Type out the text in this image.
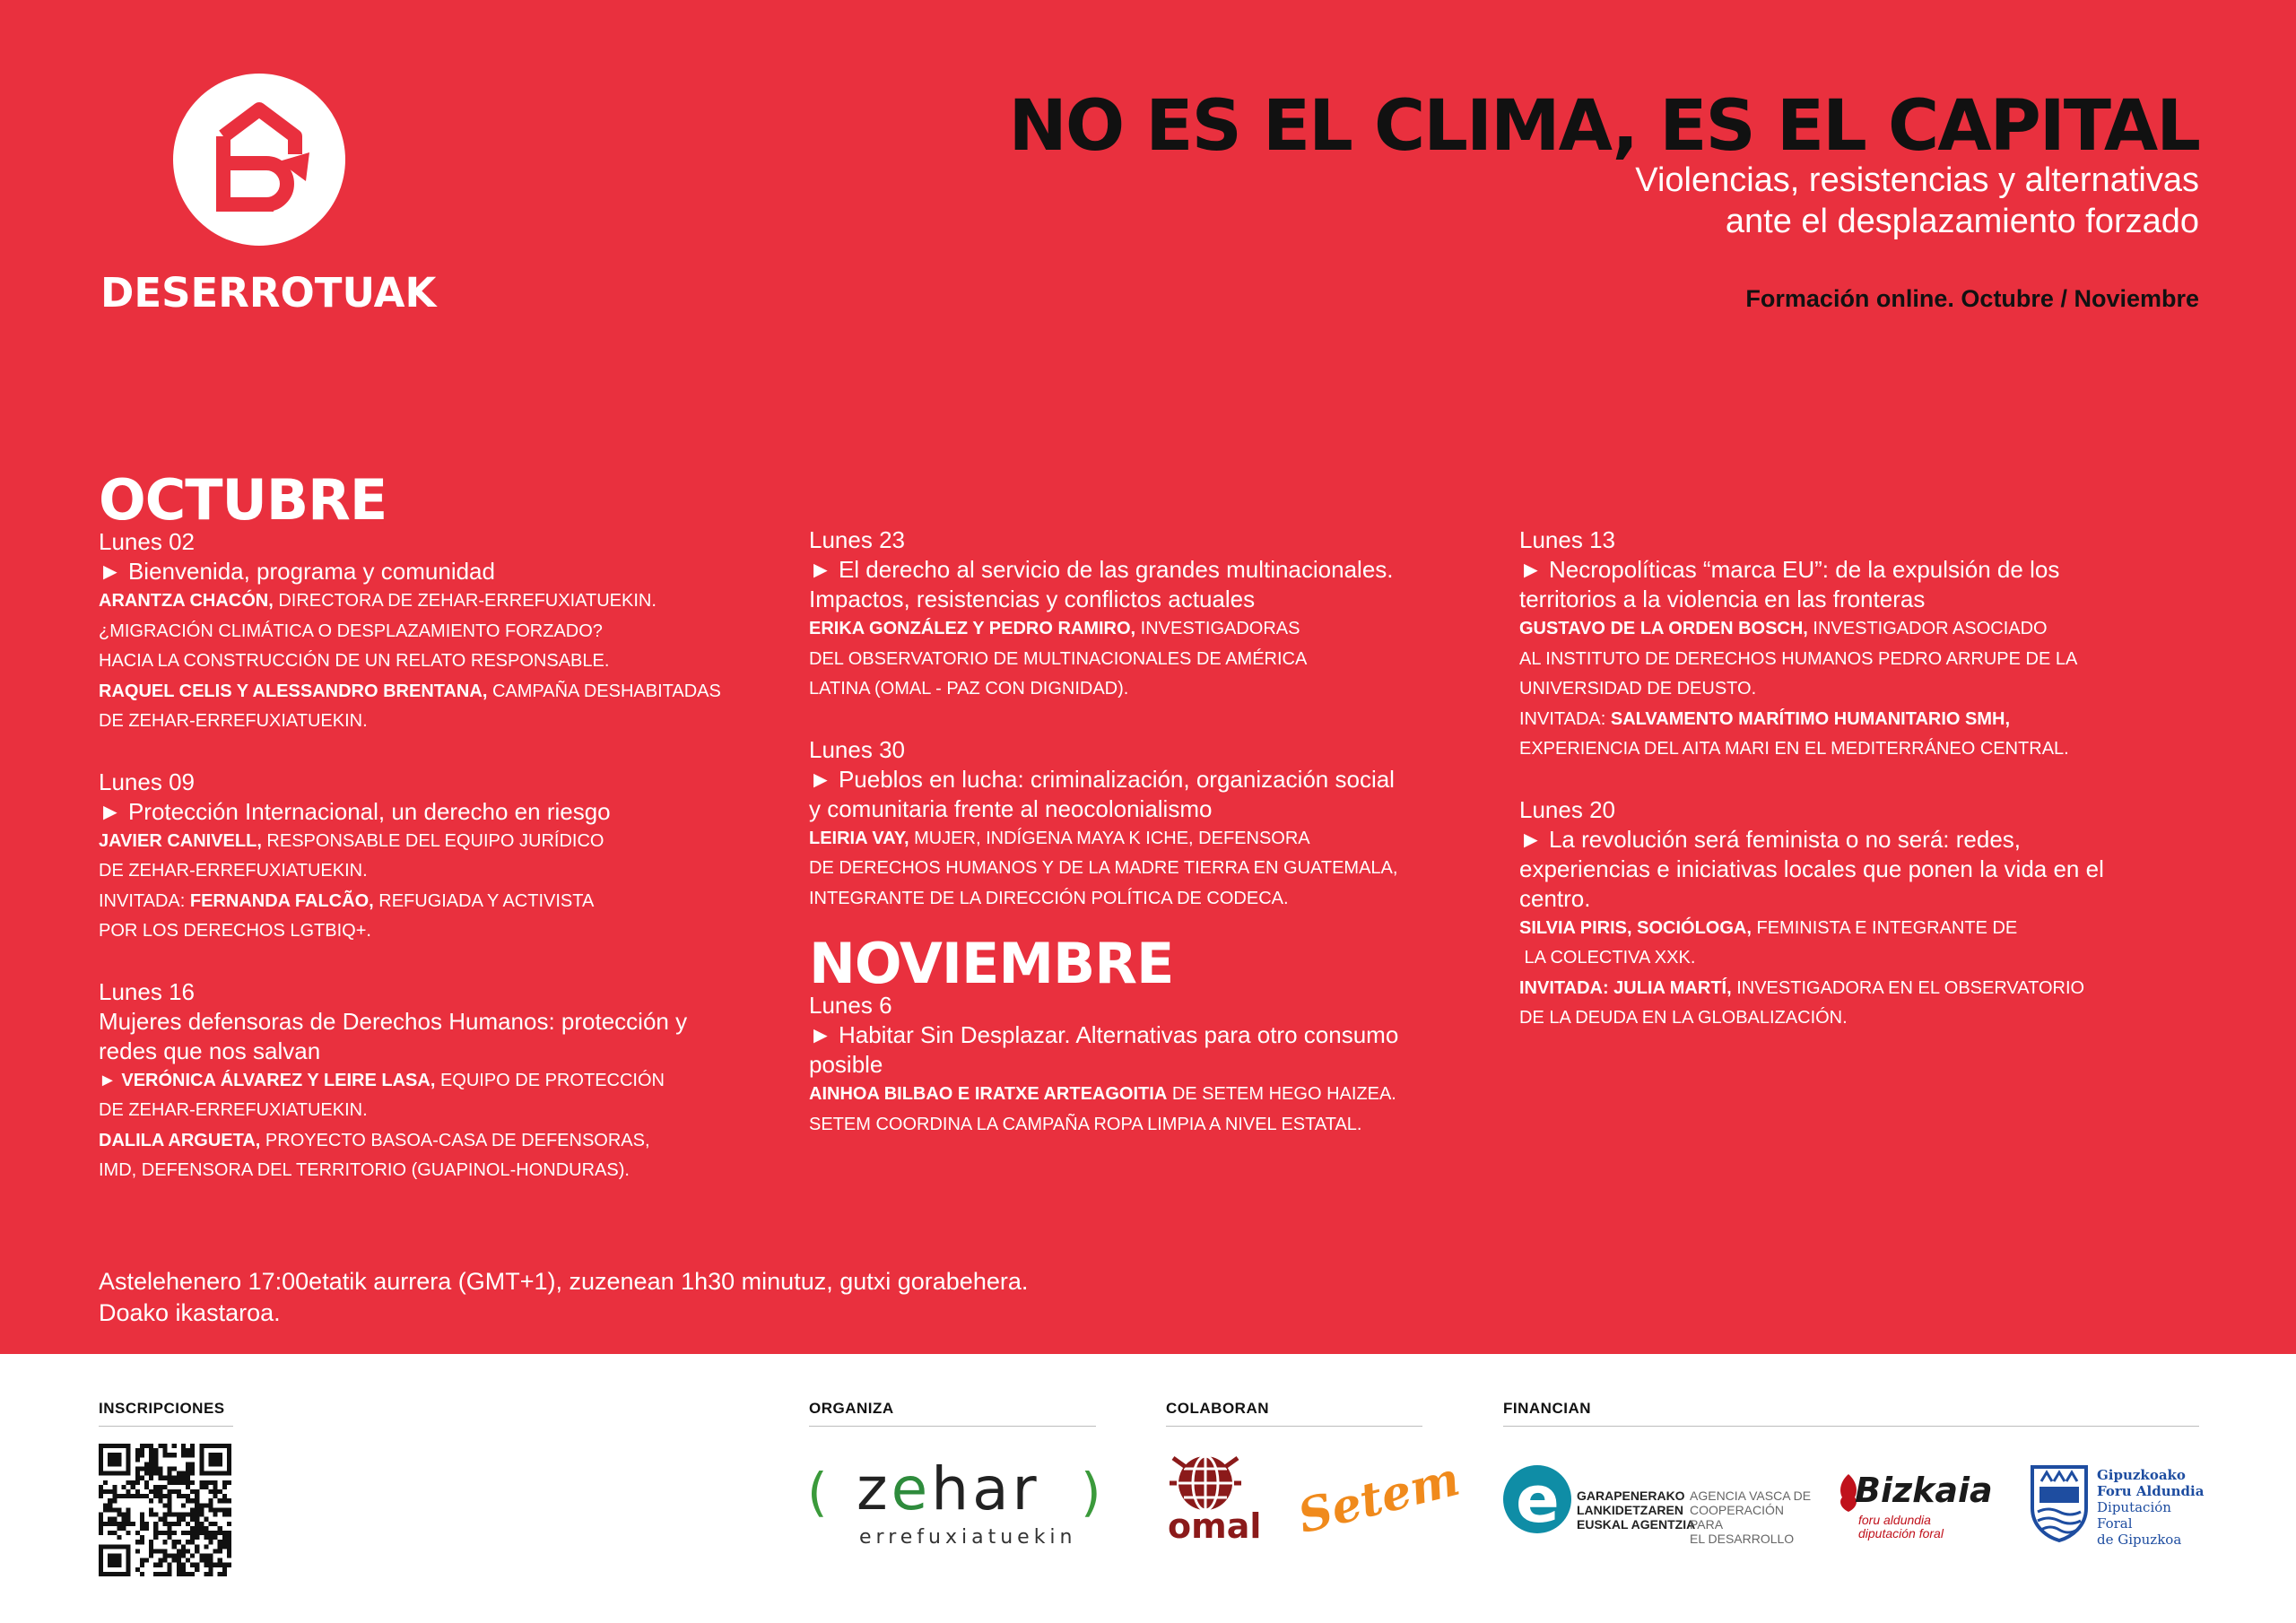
DESERROTUAK
NO ES EL CLIMA, ES EL CAPITAL
Violencias, resistencias y alternativas
ante el desplazamiento forzado
Formación online. Octubre / Noviembre
OCTUBRE
Lunes 02
► Bienvenida, programa y comunidad
ARANTZA CHACÓN, DIRECTORA DE ZEHAR-ERREFUXIATUEKIN.
¿MIGRACIÓN CLIMÁTICA O DESPLAZAMIENTO FORZADO?
HACIA LA CONSTRUCCIÓN DE UN RELATO RESPONSABLE.
RAQUEL CELIS Y ALESSANDRO BRENTANA, CAMPAÑA DESHABITADAS
DE ZEHAR-ERREFUXIATUEKIN.
Lunes 09
► Protección Internacional, un derecho en riesgo
JAVIER CANIVELL, RESPONSABLE DEL EQUIPO JURÍDICO
DE ZEHAR-ERREFUXIATUEKIN.
INVITADA: FERNANDA FALCÃO, REFUGIADA Y ACTIVISTA
POR LOS DERECHOS LGTBIQ+.
Lunes 16
Mujeres defensoras de Derechos Humanos: protección y
redes que nos salvan
► VERÓNICA ÁLVAREZ Y LEIRE LASA, EQUIPO DE PROTECCIÓN
DE ZEHAR-ERREFUXIATUEKIN.
DALILA ARGUETA, PROYECTO BASOA-CASA DE DEFENSORAS,
IMD, DEFENSORA DEL TERRITORIO (GUAPINOL-HONDURAS).
Lunes 23
► El derecho al servicio de las grandes multinacionales.
Impactos, resistencias y conflictos actuales
ERIKA GONZÁLEZ Y PEDRO RAMIRO, INVESTIGADORAS
DEL OBSERVATORIO DE MULTINACIONALES DE AMÉRICA
LATINA (OMAL - PAZ CON DIGNIDAD).
Lunes 30
► Pueblos en lucha: criminalización, organización social
y comunitaria frente al neocolonialismo
LEIRIA VAY, MUJER, INDÍGENA MAYA K ICHE, DEFENSORA
DE DERECHOS HUMANOS Y DE LA MADRE TIERRA EN GUATEMALA,
INTEGRANTE DE LA DIRECCIÓN POLÍTICA DE CODECA.
NOVIEMBRE
Lunes 6
► Habitar Sin Desplazar. Alternativas para otro consumo
posible
AINHOA BILBAO E IRATXE ARTEAGOITIA DE SETEM HEGO HAIZEA.
SETEM COORDINA LA CAMPAÑA ROPA LIMPIA A NIVEL ESTATAL.
Lunes 13
► Necropolíticas “marca EU”: de la expulsión de los
territorios a la violencia en las fronteras
GUSTAVO DE LA ORDEN BOSCH, INVESTIGADOR ASOCIADO
AL INSTITUTO DE DERECHOS HUMANOS PEDRO ARRUPE DE LA
UNIVERSIDAD DE DEUSTO.
INVITADA: SALVAMENTO MARÍTIMO HUMANITARIO SMH,
EXPERIENCIA DEL AITA MARI EN EL MEDITERRÁNEO CENTRAL.
Lunes 20
► La revolución será feminista o no será: redes,
experiencias e iniciativas locales que ponen la vida en el
centro.
SILVIA PIRIS, SOCIÓLOGA, FEMINISTA E INTEGRANTE DE
LA COLECTIVA XXK.
INVITADA: JULIA MARTÍ, INVESTIGADORA EN EL OBSERVATORIO
DE LA DEUDA EN LA GLOBALIZACIÓN.
Astelehenero 17:00etatik aurrera (GMT+1), zuzenean 1h30 minutuz, gutxi gorabehera.
Doako ikastaroa.
INSCRIPCIONES	ORGANIZA	COLABORAN	FINANCIAN
( zehar )
errefuxiatuekin	omal Setem e GARAPENERAKO
LANKIDETZAREN
EUSKAL AGENTZIA
AGENCIA VASCA DE
COOPERACIÓN PARA
EL DESARROLLO
Bizkaia
foru aldundia
diputación foral
Gipuzkoako
Foru Aldundia
Diputación Foral
de Gipuzkoa
